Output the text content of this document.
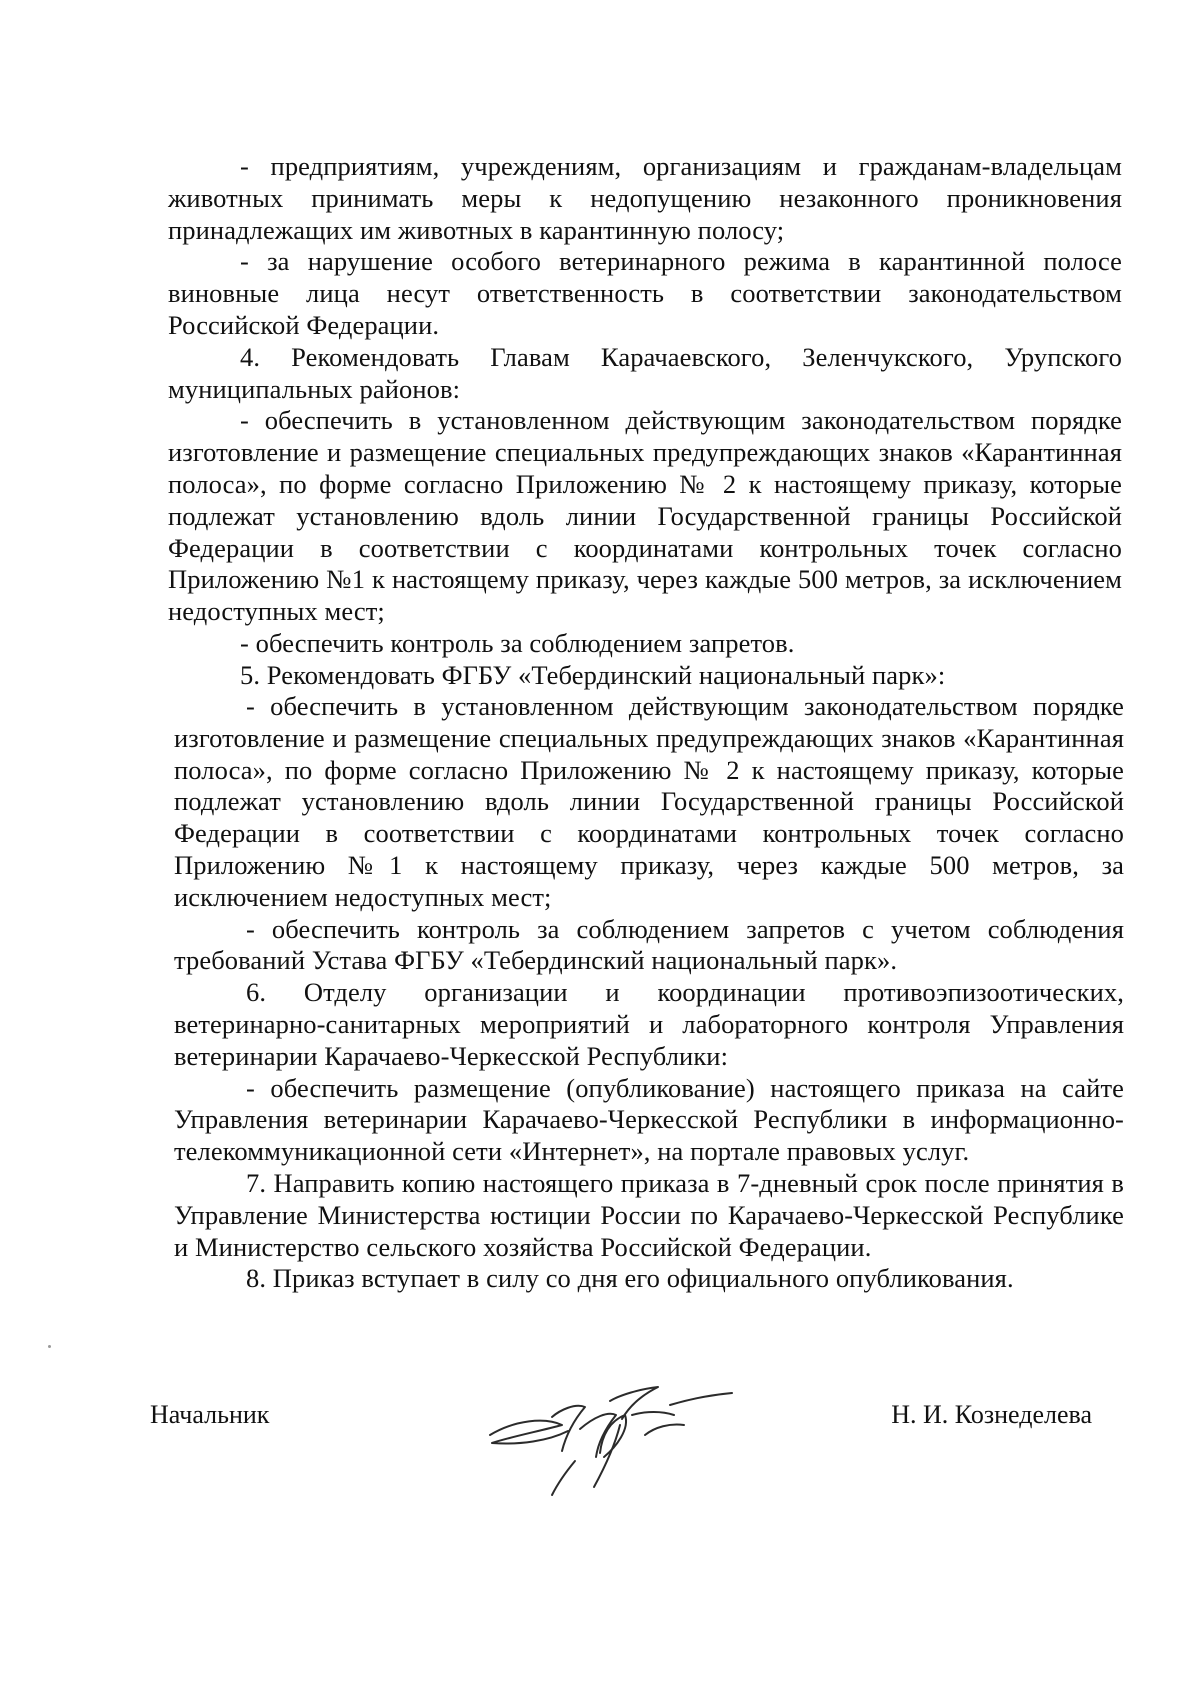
- предприятиям, учреждениям, организациям и гражданам-владельцам животных принимать меры к недопущению незаконного проникновения принадлежащих им животных в карантинную полосу;

- за нарушение особого ветеринарного режима в карантинной полосе виновные лица несут ответственность в соответствии законодательством Российской Федерации.

4. Рекомендовать Главам Карачаевского, Зеленчукского, Урупского муниципальных районов:

- обеспечить в установленном действующим законодательством порядке изготовление и размещение специальных предупреждающих знаков «Карантинная полоса», по форме согласно Приложению № 2 к настоящему приказу, которые подлежат установлению вдоль линии Государственной границы Российской Федерации в соответствии с координатами контрольных точек согласно Приложению №1 к настоящему приказу, через каждые 500 метров, за исключением недоступных мест;

- обеспечить контроль за соблюдением запретов.

5. Рекомендовать ФГБУ «Тебердинский национальный парк»:

- обеспечить в установленном действующим законодательством порядке изготовление и размещение специальных предупреждающих знаков «Карантинная полоса», по форме согласно Приложению № 2 к настоящему приказу, которые подлежат установлению вдоль линии Государственной границы Российской Федерации в соответствии с координатами контрольных точек согласно Приложению №1 к настоящему приказу, через каждые 500 метров, за исключением недоступных мест;

- обеспечить контроль за соблюдением запретов с учетом соблюдения требований Устава ФГБУ «Тебердинский национальный парк».

6. Отделу организации и координации противоэпизоотических, ветеринарно-санитарных мероприятий и лабораторного контроля Управления ветеринарии Карачаево-Черкесской Республики:

- обеспечить размещение (опубликование) настоящего приказа на сайте Управления ветеринарии Карачаево-Черкесской Республики в информационно-телекоммуникационной сети «Интернет», на портале правовых услуг.

7. Направить копию настоящего приказа в 7-дневный срок после принятия в Управление Министерства юстиции России по Карачаево-Черкесской Республике и Министерство сельского хозяйства Российской Федерации.

8. Приказ вступает в силу со дня его официального опубликования.

Начальник	Н. И. Кознеделева
